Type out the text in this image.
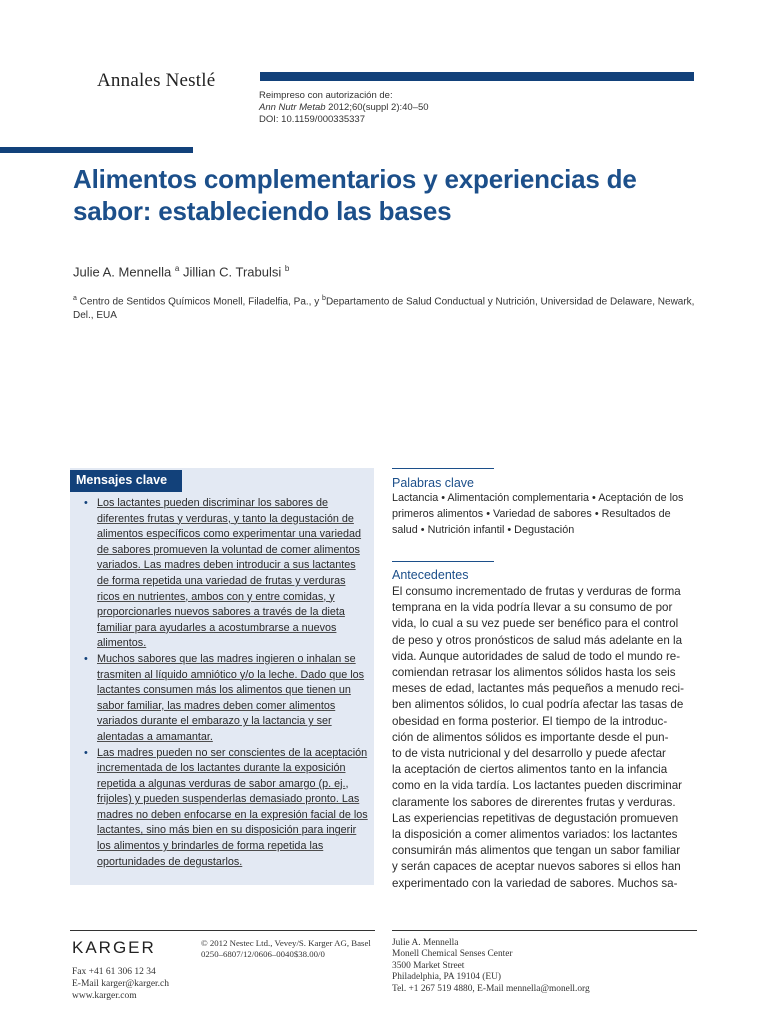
Annales Nestlé
Reimpreso con autorización de:
Ann Nutr Metab 2012;60(suppl 2):40–50
DOI: 10.1159/000335337
Alimentos complementarios y experiencias de sabor: estableciendo las bases
Julie A. Mennella $^a$ Jillian C. Trabulsi $^b$
$^a$ Centro de Sentidos Químicos Monell, Filadelfia, Pa., y $^b$Departamento de Salud Conductual y Nutrición, Universidad de Delaware, Newark, Del., EUA
Mensajes clave
• Los lactantes pueden discriminar los sabores de diferentes frutas y verduras, y tanto la degustación de alimentos específicos como experimentar una variedad de sabores promueven la voluntad de comer alimentos variados. Las madres deben introducir a sus lactantes de forma repetida una variedad de frutas y verduras ricos en nutrientes, ambos con y entre comidas, y proporcionarles nuevos sabores a través de la dieta familiar para ayudarles a acostumbrarse a nuevos alimentos.
• Muchos sabores que las madres ingieren o inhalan se trasmiten al líquido amniótico y/o la leche. Dado que los lactantes consumen más los alimentos que tienen un sabor familiar, las madres deben comer alimentos variados durante el embarazo y la lactancia y ser alentadas a amamantar.
• Las madres pueden no ser conscientes de la aceptación incrementada de los lactantes durante la exposición repetida a algunas verduras de sabor amargo (p. ej., frijoles) y pueden suspenderlas demasiado pronto. Las madres no deben enfocarse en la expresión facial de los lactantes, sino más bien en su disposición para ingerir los alimentos y brindarles de forma repetida las oportunidades de degustarlos.
Palabras clave
Lactancia • Alimentación complementaria • Aceptación de los primeros alimentos • Variedad de sabores • Resultados de salud • Nutrición infantil • Degustación
Antecedentes
El consumo incrementado de frutas y verduras de forma
temprana en la vida podría llevar a su consumo de por
vida, lo cual a su vez puede ser benéfico para el control
de peso y otros pronósticos de salud más adelante en la
vida. Aunque autoridades de salud de todo el mundo re-
comiendan retrasar los alimentos sólidos hasta los seis
meses de edad, lactantes más pequeños a menudo reci-
ben alimentos sólidos, lo cual podría afectar las tasas de
obesidad en forma posterior. El tiempo de la introduc-
ción de alimentos sólidos es importante desde el pun-
to de vista nutricional y del desarrollo y puede afectar
la aceptación de ciertos alimentos tanto en la infancia
como en la vida tardía. Los lactantes pueden discriminar
claramente los sabores de direrentes frutas y verduras.
Las experiencias repetitivas de degustación promueven
la disposición a comer alimentos variados: los lactantes
consumirán más alimentos que tengan un sabor familiar
y serán capaces de aceptar nuevos sabores si ellos han
experimentado con la variedad de sabores. Muchos sa-
KARGER
Fax +41 61 306 12 34
E-Mail karger@karger.ch
www.karger.com
© 2012 Nestec Ltd., Vevey/S. Karger AG, Basel
0250–6807/12/0606–0040$38.00/0
Julie A. Mennella
Monell Chemical Senses Center
3500 Market Street
Philadelphia, PA 19104 (EU)
Tel. +1 267 519 4880, E-Mail mennella@monell.org
